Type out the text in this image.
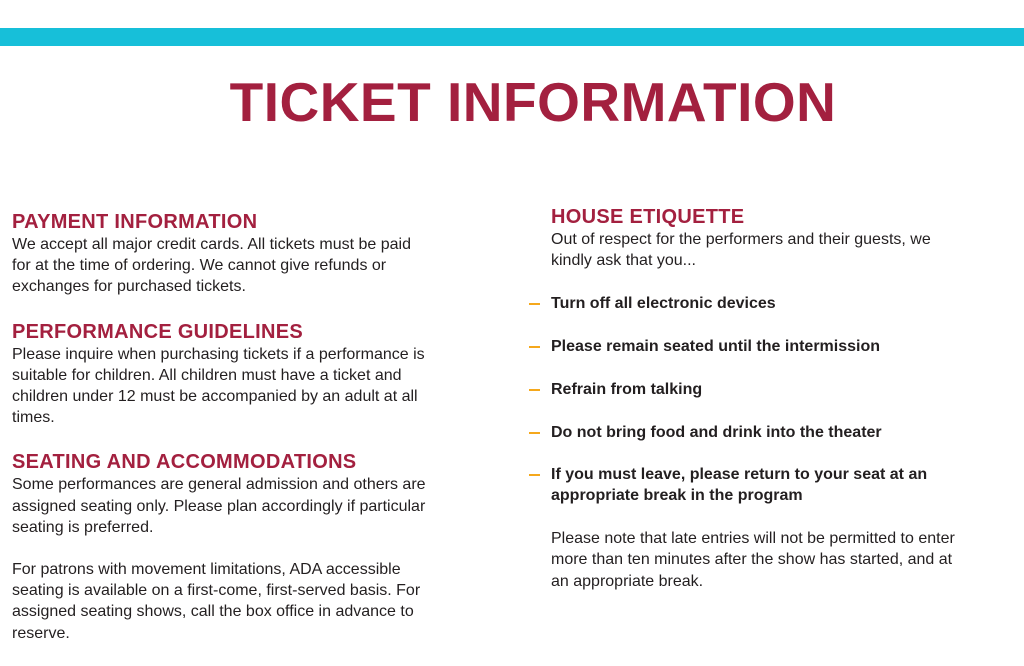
TICKET INFORMATION
PAYMENT INFORMATION

We accept all major credit cards. All tickets must be paid
for at the time of ordering. We cannot give refunds or
exchanges for purchased tickets.

PERFORMANCE GUIDELINES

Please inquire when purchasing tickets if a performance is
suitable for children. All children must have a ticket and
children under 12 must be accompanied by an adult at all
times.

SEATING AND ACCOMMODATIONS

Some performances are general admission and others are
assigned seating only. Please plan accordingly if particular
seating is preferred.

For patrons with movement limitations, ADA accessible
seating is available on a first-come, first-served basis. For
assigned seating shows, call the box office in advance to
reserve.

HOUSE ETIQUETTE

Out of respect for the performers and their guests, we
kindly ask that you...

Turn off all electronic devices
Please remain seated until the intermission
Refrain from talking
Do not bring food and drink into the theater
If you must leave, please return to your seat at an
appropriate break in the program

Please note that late entries will not be permitted to enter
more than ten minutes after the show has started, and at
an appropriate break.
